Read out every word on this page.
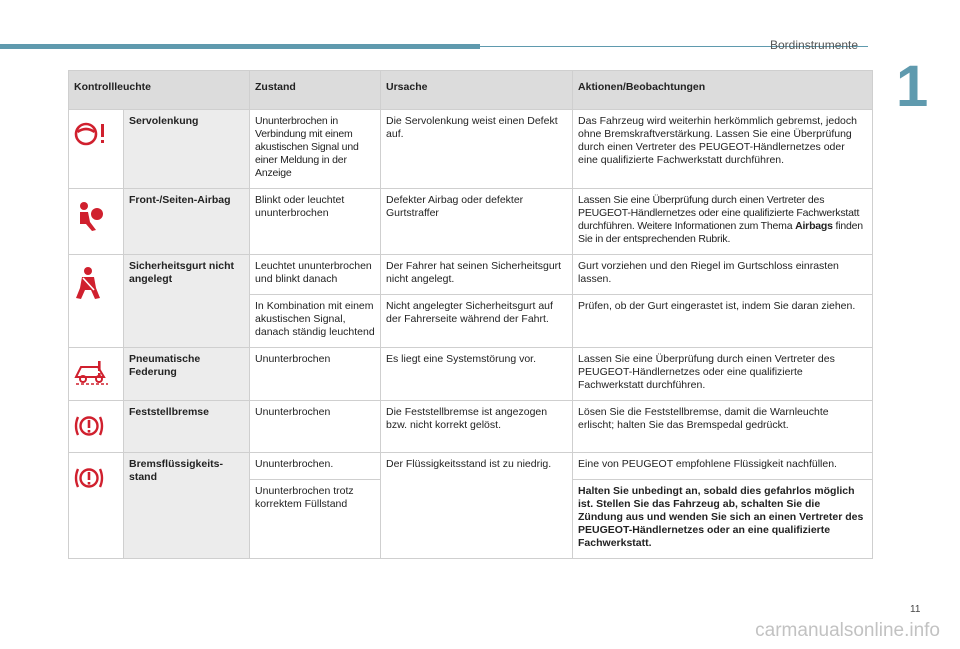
Bordinstrumente
1
Kontrollleuchte		Zustand	Ursache	Aktionen/Beobachtungen
	Servolenkung	Ununterbrochen in Verbindung mit einem akustischen Signal und einer Meldung in der Anzeige	Die Servolenkung weist einen Defekt auf.	Das Fahrzeug wird weiterhin herkömmlich gebremst, jedoch ohne Bremskraftverstärkung. Lassen Sie eine Überprüfung durch einen Vertreter des PEUGEOT-Händlernetzes oder eine qualifizierte Fachwerkstatt durchführen.
	Front-/Seiten-Airbag	Blinkt oder leuchtet ununterbrochen	Defekter Airbag oder defekter Gurtstraffer	Lassen Sie eine Überprüfung durch einen Vertreter des PEUGEOT-Händlernetzes oder eine qualifizierte Fachwerkstatt durchführen. Weitere Informationen zum Thema Airbags finden Sie in der entsprechenden Rubrik.
	Sicherheitsgurt nicht angelegt	Leuchtet ununterbrochen und blinkt danach	Der Fahrer hat seinen Sicherheitsgurt nicht angelegt.	Gurt vorziehen und den Riegel im Gurtschloss einrasten lassen.
		In Kombination mit einem akustischen Signal, danach ständig leuchtend	Nicht angelegter Sicherheitsgurt auf der Fahrerseite während der Fahrt.	Prüfen, ob der Gurt eingerastet ist, indem Sie daran ziehen.
	Pneumatische Federung	Ununterbrochen	Es liegt eine Systemstörung vor.	Lassen Sie eine Überprüfung durch einen Vertreter des PEUGEOT-Händlernetzes oder eine qualifizierte Fachwerkstatt durchführen.
	Feststellbremse	Ununterbrochen	Die Feststellbremse ist angezogen bzw. nicht korrekt gelöst.	Lösen Sie die Feststellbremse, damit die Warnleuchte erlischt; halten Sie das Bremspedal gedrückt.
	Bremsflüssigkeits-stand	Ununterbrochen.	Der Flüssigkeitsstand ist zu niedrig.	Eine von PEUGEOT empfohlene Flüssigkeit nachfüllen.
		Ununterbrochen trotz korrektem Füllstand		Halten Sie unbedingt an, sobald dies gefahrlos möglich ist. Stellen Sie das Fahrzeug ab, schalten Sie die Zündung aus und wenden Sie sich an einen Vertreter des PEUGEOT-Händlernetzes oder an eine qualifizierte Fachwerkstatt.
11
carmanualsonline.info
